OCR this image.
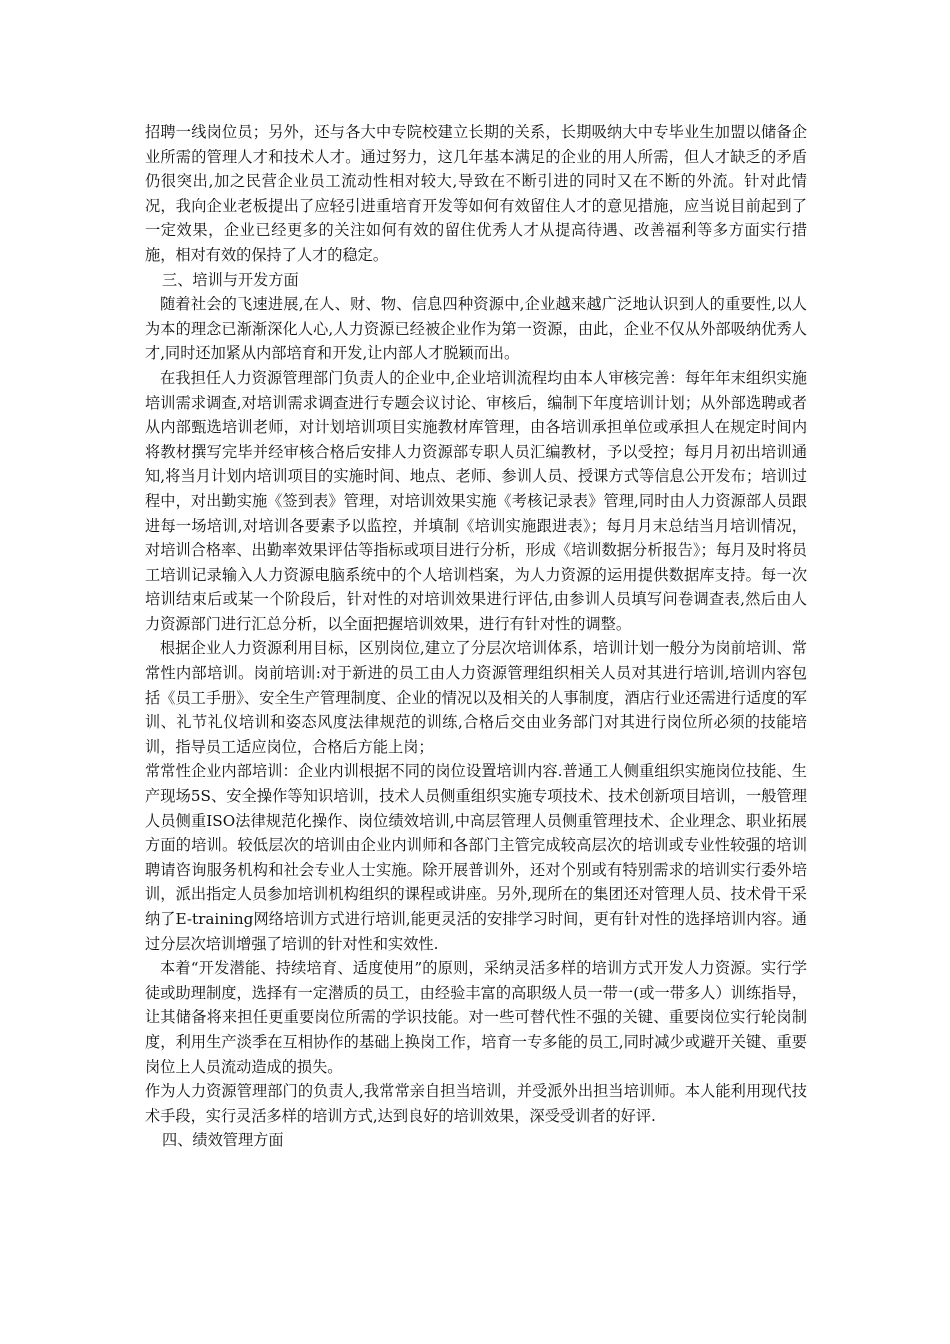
招聘一线岗位员；另外，还与各大中专院校建立长期的关系，长期吸纳大中专毕业生加盟以储备企业所需的管理人才和技术人才。通过努力，这几年基本满足的企业的用人所需，但人才缺乏的矛盾仍很突出,加之民营企业员工流动性相对较大,导致在不断引进的同时又在不断的外流。针对此情况，我向企业老板提出了应轻引进重培育开发等如何有效留住人才的意见措施，应当说目前起到了一定效果，企业已经更多的关注如何有效的留住优秀人才从提高待遇、改善福利等多方面实行措施，相对有效的保持了人才的稳定。

三、培训与开发方面

随着社会的飞速进展,在人、财、物、信息四种资源中,企业越来越广泛地认识到人的重要性,以人为本的理念已渐渐深化人心,人力资源已经被企业作为第一资源，由此，企业不仅从外部吸纳优秀人才,同时还加紧从内部培育和开发,让内部人才脱颖而出。

在我担任人力资源管理部门负责人的企业中,企业培训流程均由本人审核完善：每年年末组织实施培训需求调查,对培训需求调查进行专题会议讨论、审核后，编制下年度培训计划；从外部选聘或者从内部甄选培训老师，对计划培训项目实施教材库管理，由各培训承担单位或承担人在规定时间内将教材撰写完毕并经审核合格后安排人力资源部专职人员汇编教材，予以受控；每月月初出培训通知,将当月计划内培训项目的实施时间、地点、老师、参训人员、授课方式等信息公开发布；培训过程中，对出勤实施《签到表》管理，对培训效果实施《考核记录表》管理,同时由人力资源部人员跟进每一场培训,对培训各要素予以监控，并填制《培训实施跟进表》；每月月末总结当月培训情况，对培训合格率、出勤率效果评估等指标或项目进行分析，形成《培训数据分析报告》；每月及时将员工培训记录输入人力资源电脑系统中的个人培训档案，为人力资源的运用提供数据库支持。每一次培训结束后或某一个阶段后，针对性的对培训效果进行评估,由参训人员填写问卷调查表,然后由人力资源部门进行汇总分析，以全面把握培训效果，进行有针对性的调整。

根据企业人力资源利用目标，区别岗位,建立了分层次培训体系，培训计划一般分为岗前培训、常常性内部培训。岗前培训:对于新进的员工由人力资源管理组织相关人员对其进行培训,培训内容包括《员工手册》、安全生产管理制度、企业的情况以及相关的人事制度，酒店行业还需进行适度的军训、礼节礼仪培训和姿态风度法律规范的训练,合格后交由业务部门对其进行岗位所必须的技能培训，指导员工适应岗位，合格后方能上岗；

常常性企业内部培训：企业内训根据不同的岗位设置培训内容.普通工人侧重组织实施岗位技能、生产现场5S、安全操作等知识培训，技术人员侧重组织实施专项技术、技术创新项目培训，一般管理人员侧重ISO法律规范化操作、岗位绩效培训,中高层管理人员侧重管理技术、企业理念、职业拓展方面的培训。较低层次的培训由企业内训师和各部门主管完成较高层次的培训或专业性较强的培训聘请咨询服务机构和社会专业人士实施。除开展普训外，还对个别或有特别需求的培训实行委外培训，派出指定人员参加培训机构组织的课程或讲座。另外,现所在的集团还对管理人员、技术骨干采纳了E-training网络培训方式进行培训,能更灵活的安排学习时间，更有针对性的选择培训内容。通过分层次培训增强了培训的针对性和实效性.

本着“开发潜能、持续培育、适度使用”的原则，采纳灵活多样的培训方式开发人力资源。实行学徒或助理制度，选择有一定潜质的员工，由经验丰富的高职级人员一带一(或一带多人）训练指导，让其储备将来担任更重要岗位所需的学识技能。对一些可替代性不强的关键、重要岗位实行轮岗制度，利用生产淡季在互相协作的基础上换岗工作，培育一专多能的员工,同时减少或避开关键、重要岗位上人员流动造成的损失。

作为人力资源管理部门的负责人,我常常亲自担当培训，并受派外出担当培训师。本人能利用现代技术手段，实行灵活多样的培训方式,达到良好的培训效果，深受受训者的好评.

四、绩效管理方面
